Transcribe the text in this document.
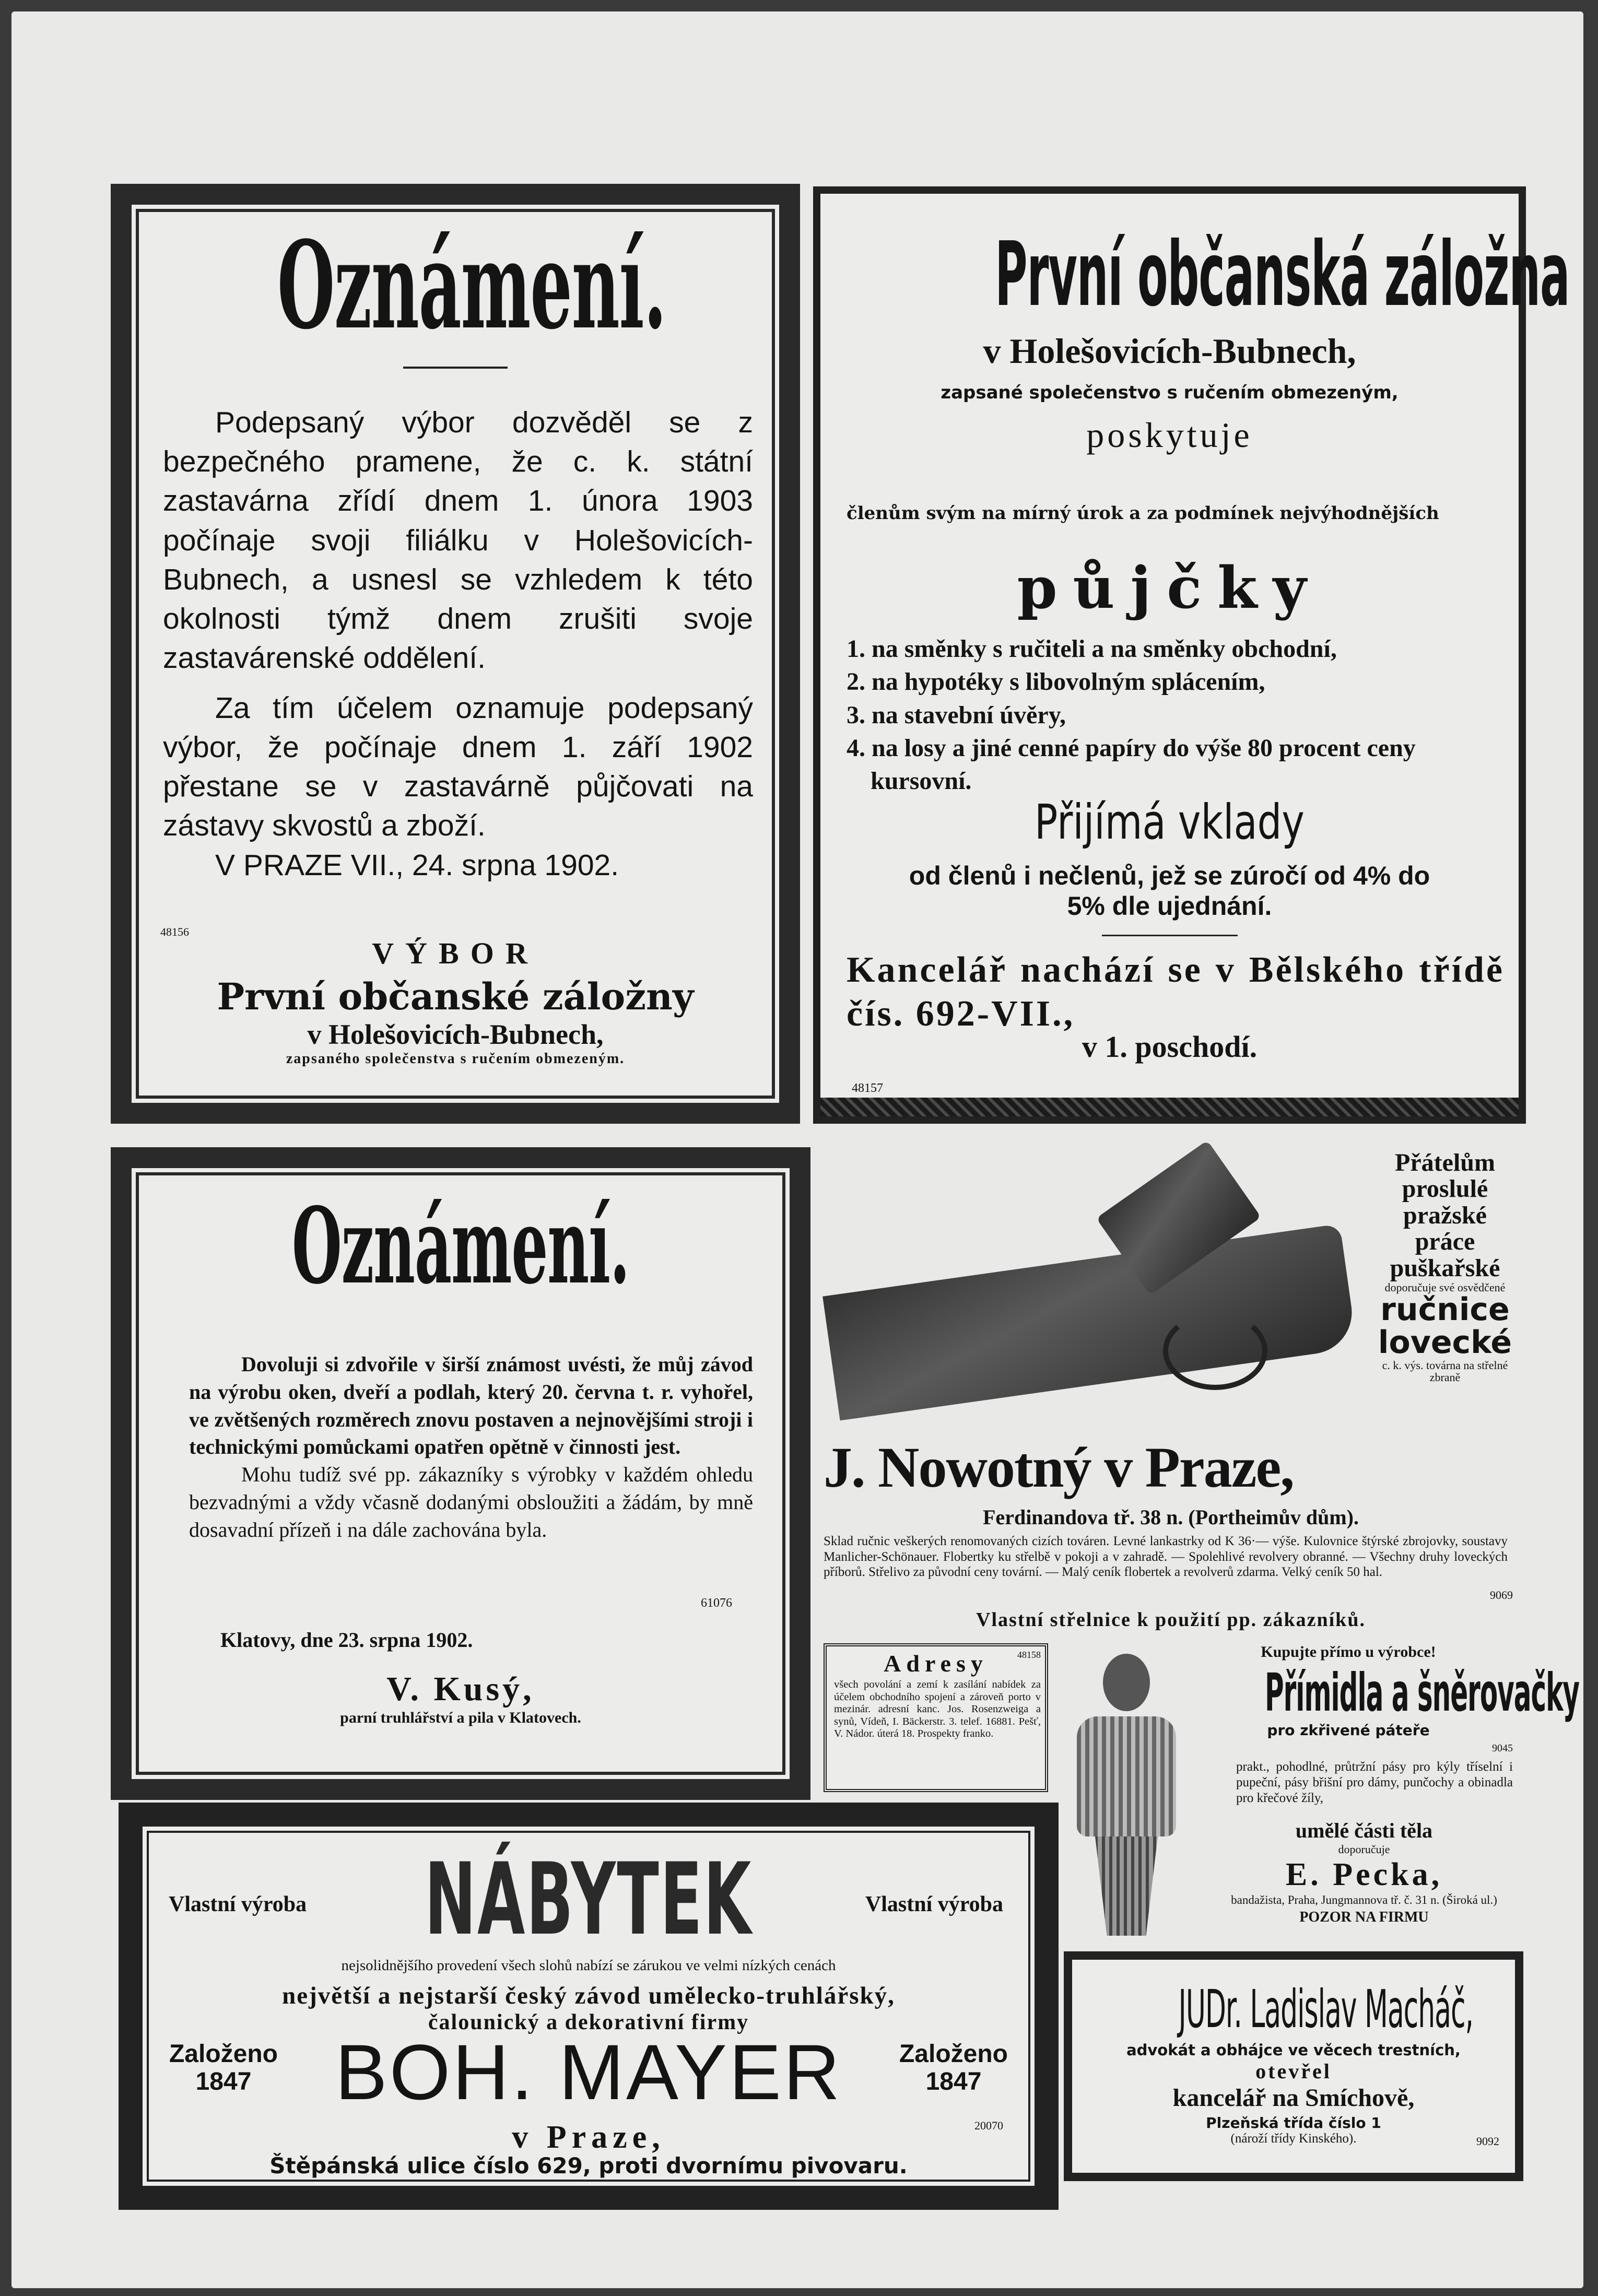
Oznámení.

Podepsaný výbor dozvěděl se z bezpečného pramene, že c. k. státní zastavárna zřídí dnem 1. února 1903 počínaje svoji filiálku v Holešovicích-Bubnech, a usnesl se vzhledem k této okolnosti týmž dnem zrušiti svoje zastavárenské oddělení.

Za tím účelem oznamuje podepsaný výbor, že počínaje dnem 1. září 1902 přestane se v zastavárně půjčovati na zástavy skvostů a zboží.

V PRAZE VII., 24. srpna 1902.

48156
VÝBOR
První občanské záložny
v Holešovicích-Bubnech,
zapsaného společenstva s ručením obmezeným.
První občanská záložna
v Holešovicích-Bubnech,
zapsané společenstvo s ručením obmezeným,
poskytuje
členům svým na mírný úrok a za podmínek nejvýhodnějších
půjčky
1. na směnky s ručiteli a na směnky obchodní,
2. na hypotéky s libovolným splácením,
3. na stavební úvěry,
4. na losy a jiné cenné papíry do výše 80 procent ceny kursovní.
Přijímá vklady
od členů i nečlenů, jež se zúročí od 4% do
5% dle ujednání.
Kancelář nachází se v Bělského třídě čís. 692-VII.,
v 1. poschodí.
48157
Oznámení.

Dovoluji si zdvořile v širší známost uvésti, že můj závod na výrobu oken, dveří a podlah, který 20. června t. r. vyhořel, ve zvětšených rozměrech znovu postaven a nejnovějšími stroji i technickými pomůckami opatřen opětně v činnosti jest.

Mohu tudíž své pp. zákazníky s výrobky v každém ohledu bezvadnými a vždy včasně dodanými obsloužiti a žádám, by mně dosavadní přízeň i na dále zachována byla.

61076
Klatovy, dne 23. srpna 1902.
V. Kusý,
parní truhlářství a pila v Klatovech.
Přátelům
proslulé
pražské
práce
puškařské
doporučuje své osvědčené
ručnice
lovecké
c. k. výs. továrna na střelné zbraně
J. Nowotný v Praze,
Ferdinandova tř. 38 n. (Portheimův dům).
Sklad ručnic veškerých renomovaných cizích továren. Levné lankastrky od K 36·— výše. Kulovnice štýrské zbrojovky, soustavy Manlicher-Schönauer. Flobertky ku střelbě v pokoji a v zahradě. — Spolehlivé revolvery obranné. — Všechny druhy loveckých příborů. Střelivo za původní ceny tovární. — Malý ceník flobertek a revolverů zdarma. Velký ceník 50 hal.
9069
Vlastní střelnice k použití pp. zákazníků.
Adresy	48158
všech povolání a zemí k zasílání nabídek za účelem obchodního spojení a zároveň porto v mezinár. adresní kanc. Jos. Rosenzweiga a synů, Vídeň, I. Bäckerstr. 3. telef. 16881. Pešť, V. Nádor. úterá 18. Prospekty franko.
Kupujte přímo u výrobce!
Přímidla a šněrovačky
pro zkřivené páteře
9045
prakt., pohodlné, průtržní pásy pro kýly tříselní i pupeční, pásy břišní pro dámy, punčochy a obinadla pro křečové žíly,
umělé části těla
doporučuje
E. Pecka,
bandažista, Praha, Jungmannova tř. č. 31 n. (Široká ul.)
POZOR NA FIRMU
Vlastní výroba	NÁBYTEK	Vlastní výroba
nejsolidnějšího provedení všech slohů nabízí se zárukou ve velmi nízkých cenách
největší a nejstarší český závod umělecko-truhlářský,
čalounický a dekorativní firmy
Založeno
1847	BOH. MAYER	Založeno
1847
v Praze,	20070
Štěpánská ulice číslo 629, proti dvornímu pivovaru.
JUDr. Ladislav Macháč,
advokát a obhájce ve věcech trestních,
otevřel
kancelář na Smíchově,
Plzeňská třída číslo 1
(nároží třídy Kinského).	9092
